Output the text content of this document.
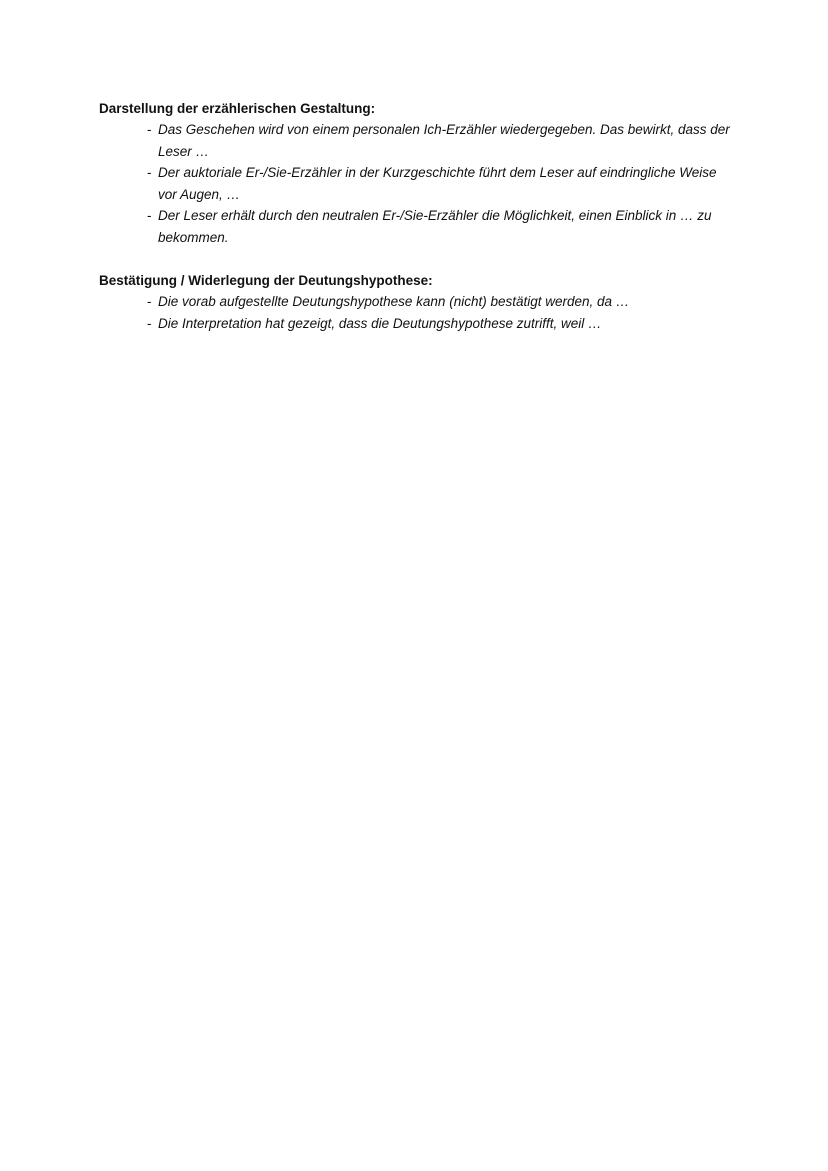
Darstellung der erzählerischen Gestaltung:

- Das Geschehen wird von einem personalen Ich-Erzähler wiedergegeben. Das bewirkt, dass der Leser …
- Der auktoriale Er-/Sie-Erzähler in der Kurzgeschichte führt dem Leser auf eindringliche Weise vor Augen, …
- Der Leser erhält durch den neutralen Er-/Sie-Erzähler die Möglichkeit, einen Einblick in … zu bekommen.

Bestätigung / Widerlegung der Deutungshypothese:

- Die vorab aufgestellte Deutungshypothese kann (nicht) bestätigt werden, da …
- Die Interpretation hat gezeigt, dass die Deutungshypothese zutrifft, weil …
